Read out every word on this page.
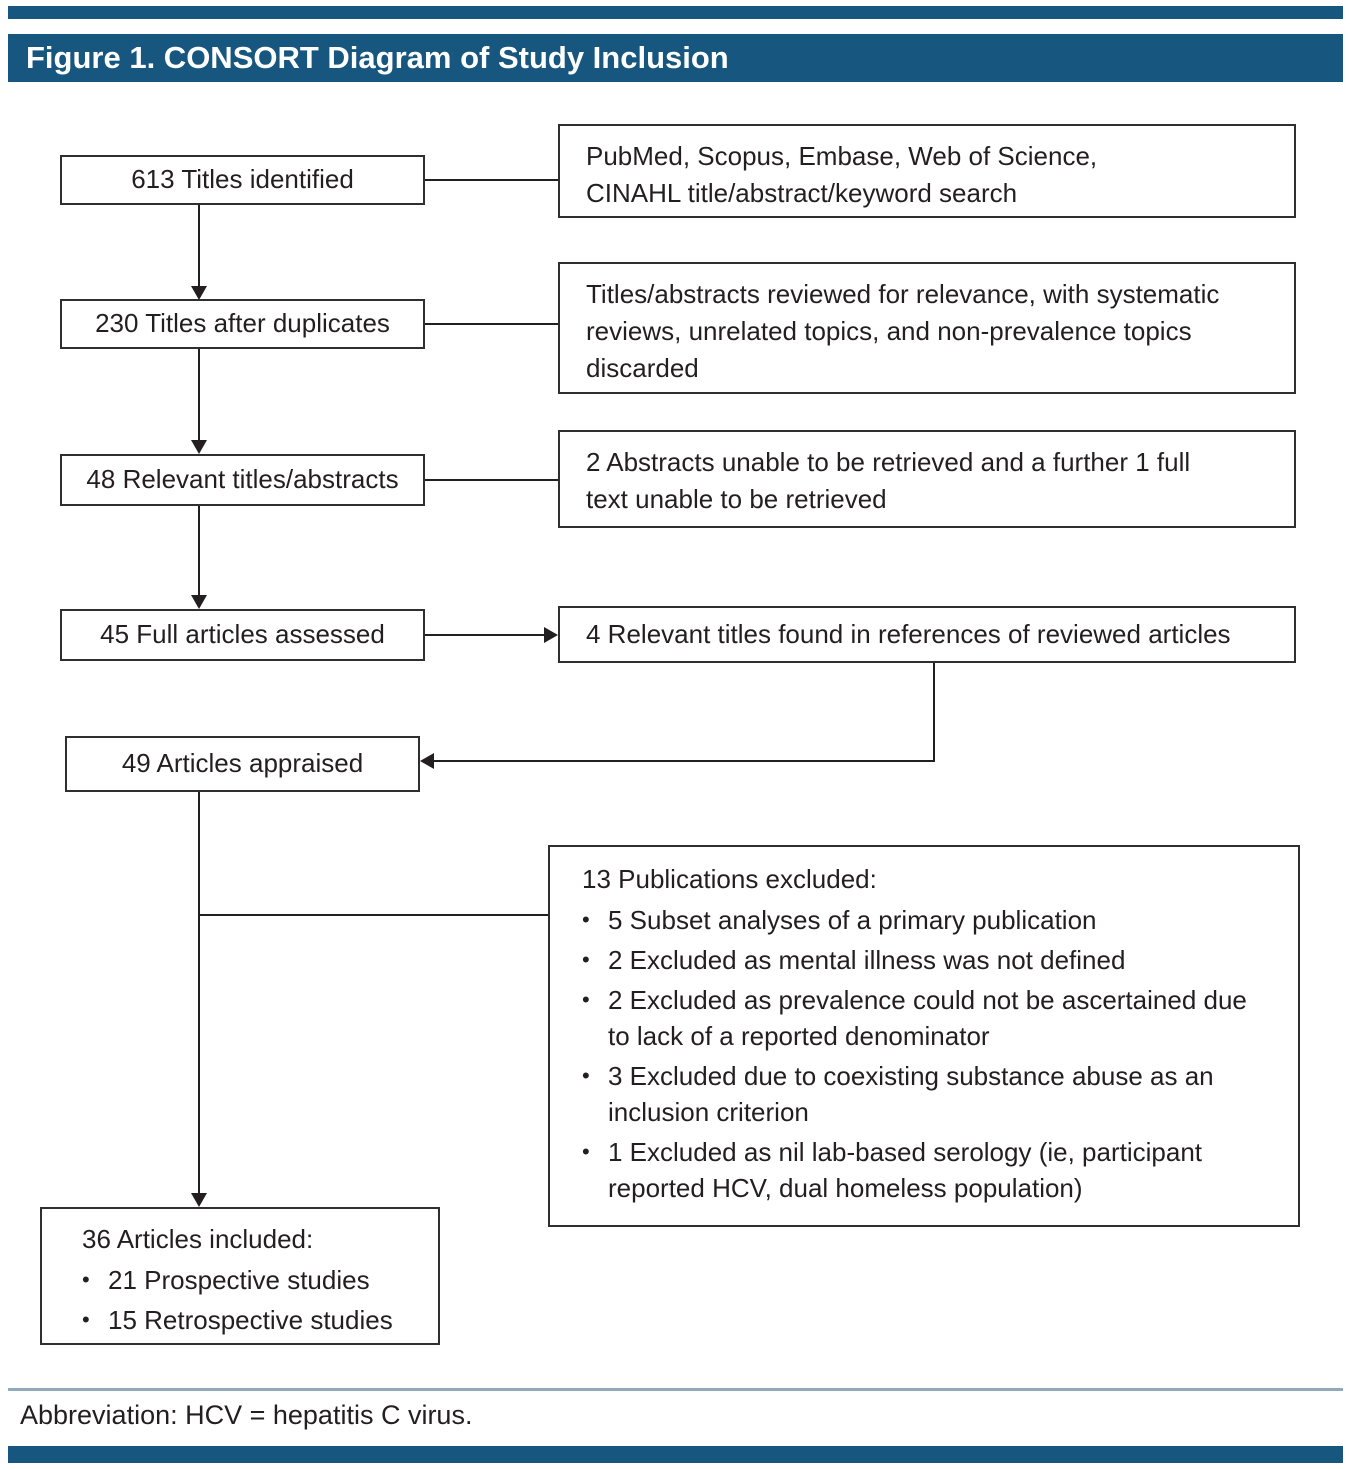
Figure 1. CONSORT Diagram of Study Inclusion
613 Titles identified
230 Titles after duplicates
48 Relevant titles/abstracts
45 Full articles assessed
49 Articles appraised
36 Articles included:
• 21 Prospective studies
• 15 Retrospective studies
PubMed, Scopus, Embase, Web of Science,
CINAHL title/abstract/keyword search
Titles/abstracts reviewed for relevance, with systematic
reviews, unrelated topics, and non-prevalence topics
discarded
2 Abstracts unable to be retrieved and a further 1 full
text unable to be retrieved
4 Relevant titles found in references of reviewed articles
13 Publications excluded:
• 5 Subset analyses of a primary publication
• 2 Excluded as mental illness was not defined
• 2 Excluded as prevalence could not be ascertained due to lack of a reported denominator
• 3 Excluded due to coexisting substance abuse as an inclusion criterion
• 1 Excluded as nil lab-based serology (ie, participant reported HCV, dual homeless population)
Abbreviation: HCV = hepatitis C virus.
